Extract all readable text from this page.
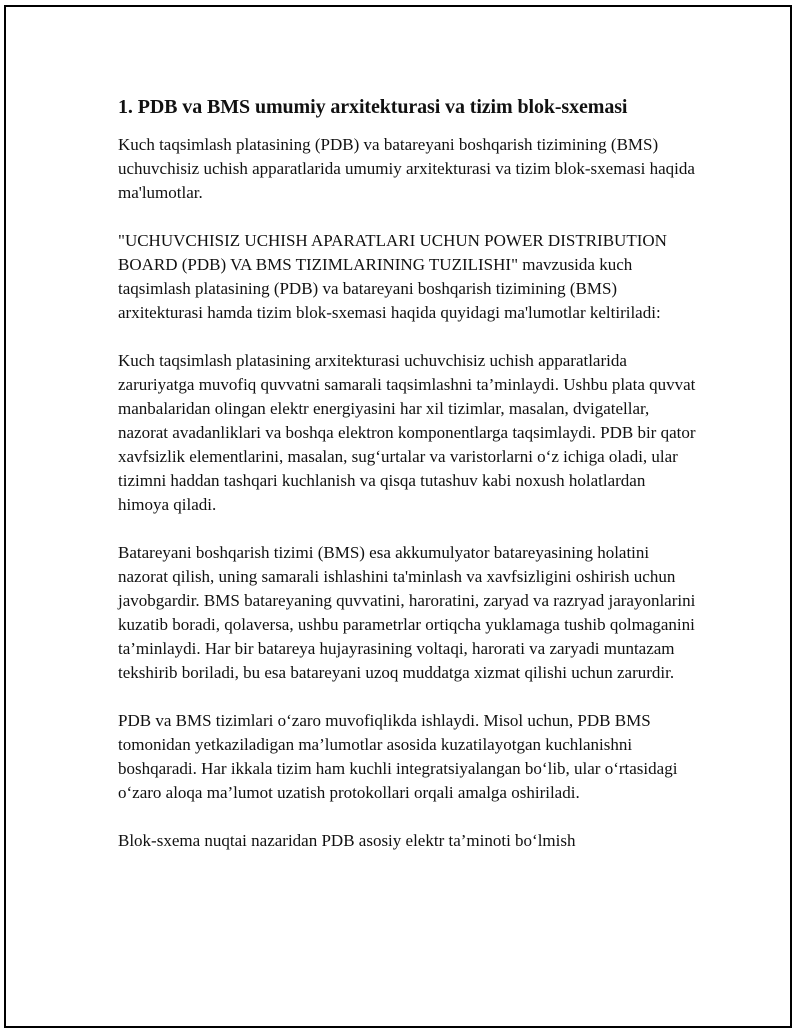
1. PDB va BMS umumiy arxitekturasi va tizim blok-sxemasi

Kuch taqsimlash platasining (PDB) va batareyani boshqarish tizimining (BMS) uchuvchisiz uchish apparatlarida umumiy arxitekturasi va tizim blok-sxemasi haqida ma'lumotlar.

"UCHUVCHISIZ UCHISH APARATLARI UCHUN POWER DISTRIBUTION BOARD (PDB) VA BMS TIZIMLARINING TUZILISHI" mavzusida kuch taqsimlash platasining (PDB) va batareyani boshqarish tizimining (BMS) arxitekturasi hamda tizim blok-sxemasi haqida quyidagi ma'lumotlar keltiriladi:

Kuch taqsimlash platasining arxitekturasi uchuvchisiz uchish apparatlarida zaruriyatga muvofiq quvvatni samarali taqsimlashni ta’minlaydi. Ushbu plata quvvat manbalaridan olingan elektr energiyasini har xil tizimlar, masalan, dvigatellar, nazorat avadanliklari va boshqa elektron komponentlarga taqsimlaydi. PDB bir qator xavfsizlik elementlarini, masalan, sug‘urtalar va varistorlarni o‘z ichiga oladi, ular tizimni haddan tashqari kuchlanish va qisqa tutashuv kabi noxush holatlardan himoya qiladi.

Batareyani boshqarish tizimi (BMS) esa akkumulyator batareyasining holatini nazorat qilish, uning samarali ishlashini ta'minlash va xavfsizligini oshirish uchun javobgardir. BMS batareyaning quvvatini, haroratini, zaryad va razryad jarayonlarini kuzatib boradi, qolaversa, ushbu parametrlar ortiqcha yuklamaga tushib qolmaganini ta’minlaydi. Har bir batareya hujayrasining voltaqi, harorati va zaryadi muntazam tekshirib boriladi, bu esa batareyani uzoq muddatga xizmat qilishi uchun zarurdir.

PDB va BMS tizimlari o‘zaro muvofiqlikda ishlaydi. Misol uchun, PDB BMS tomonidan yetkaziladigan ma’lumotlar asosida kuzatilayotgan kuchlanishni boshqaradi. Har ikkala tizim ham kuchli integratsiyalangan bo‘lib, ular o‘rtasidagi o‘zaro aloqa ma’lumot uzatish protokollari orqali amalga oshiriladi.

Blok-sxema nuqtai nazaridan PDB asosiy elektr ta’minoti bo‘lmish
